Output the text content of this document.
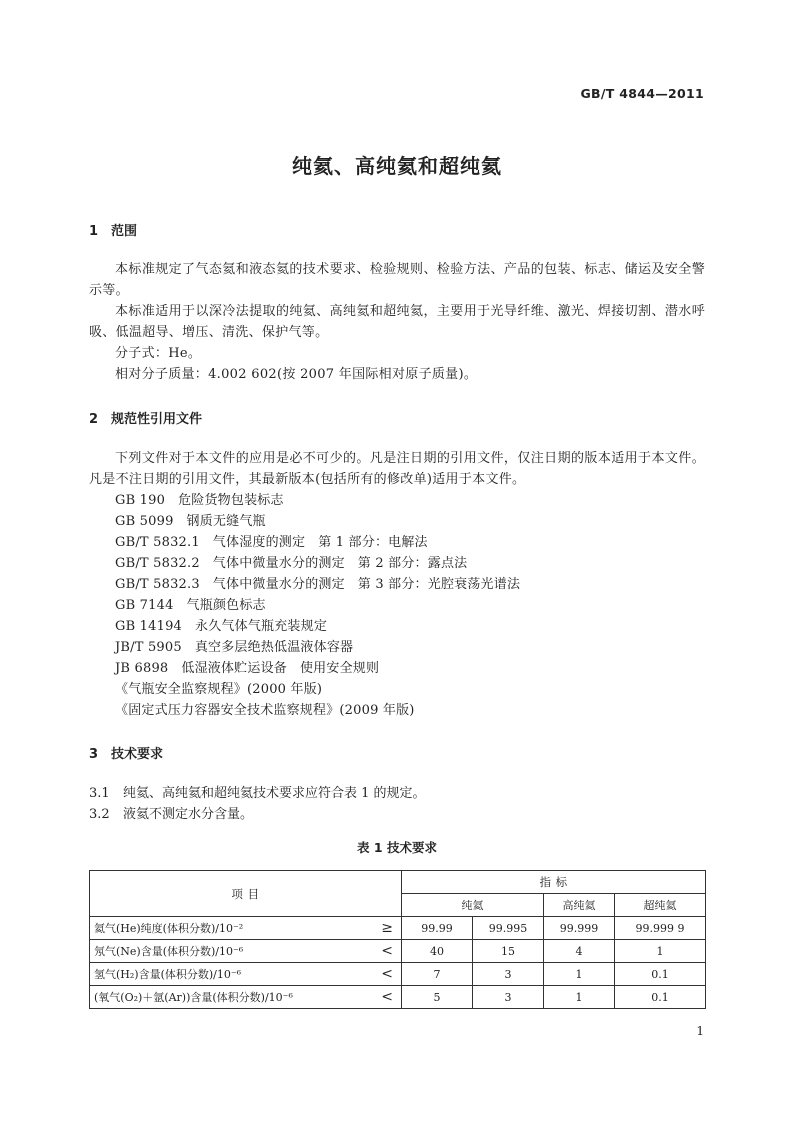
GB/T 4844—2011
纯氦、高纯氦和超纯氦
1 范围
本标准规定了气态氦和液态氦的技术要求、检验规则、检验方法、产品的包装、标志、储运及安全警示等。
本标准适用于以深冷法提取的纯氦、高纯氦和超纯氦，主要用于光导纤维、激光、焊接切割、潜水呼吸、低温超导、增压、清洗、保护气等。
分子式：He。
相对分子质量：4.002 602(按 2007 年国际相对原子质量)。
2 规范性引用文件
下列文件对于本文件的应用是必不可少的。凡是注日期的引用文件，仅注日期的版本适用于本文件。凡是不注日期的引用文件，其最新版本(包括所有的修改单)适用于本文件。
GB 190   危险货物包装标志
GB 5099   钢质无缝气瓶
GB/T 5832.1   气体湿度的测定   第 1 部分：电解法
GB/T 5832.2   气体中微量水分的测定   第 2 部分：露点法
GB/T 5832.3   气体中微量水分的测定   第 3 部分：光腔衰荡光谱法
GB 7144   气瓶颜色标志
GB 14194   永久气体气瓶充装规定
JB/T 5905   真空多层绝热低温液体容器
JB 6898   低湿液体贮运设备   使用安全规则
《气瓶安全监察规程》(2000 年版)
《固定式压力容器安全技术监察规程》(2009 年版)
3 技术要求
3.1 纯氦、高纯氦和超纯氦技术要求应符合表 1 的规定。
3.2 液氦不测定水分含量。
表 1 技术要求
项 目		指 标			
		纯氦		高纯氦	超纯氦
氦气(He)纯度(体积分数)/10⁻²	≥	99.99	99.995	99.999	99.999 9
氖气(Ne)含量(体积分数)/10⁻⁶	<	40	15	4	1
氢气(H₂)含量(体积分数)/10⁻⁶	<	7	3	1	0.1
(氧气(O₂)＋氩(Ar))含量(体积分数)/10⁻⁶	<	5	3	1	0.1
1
